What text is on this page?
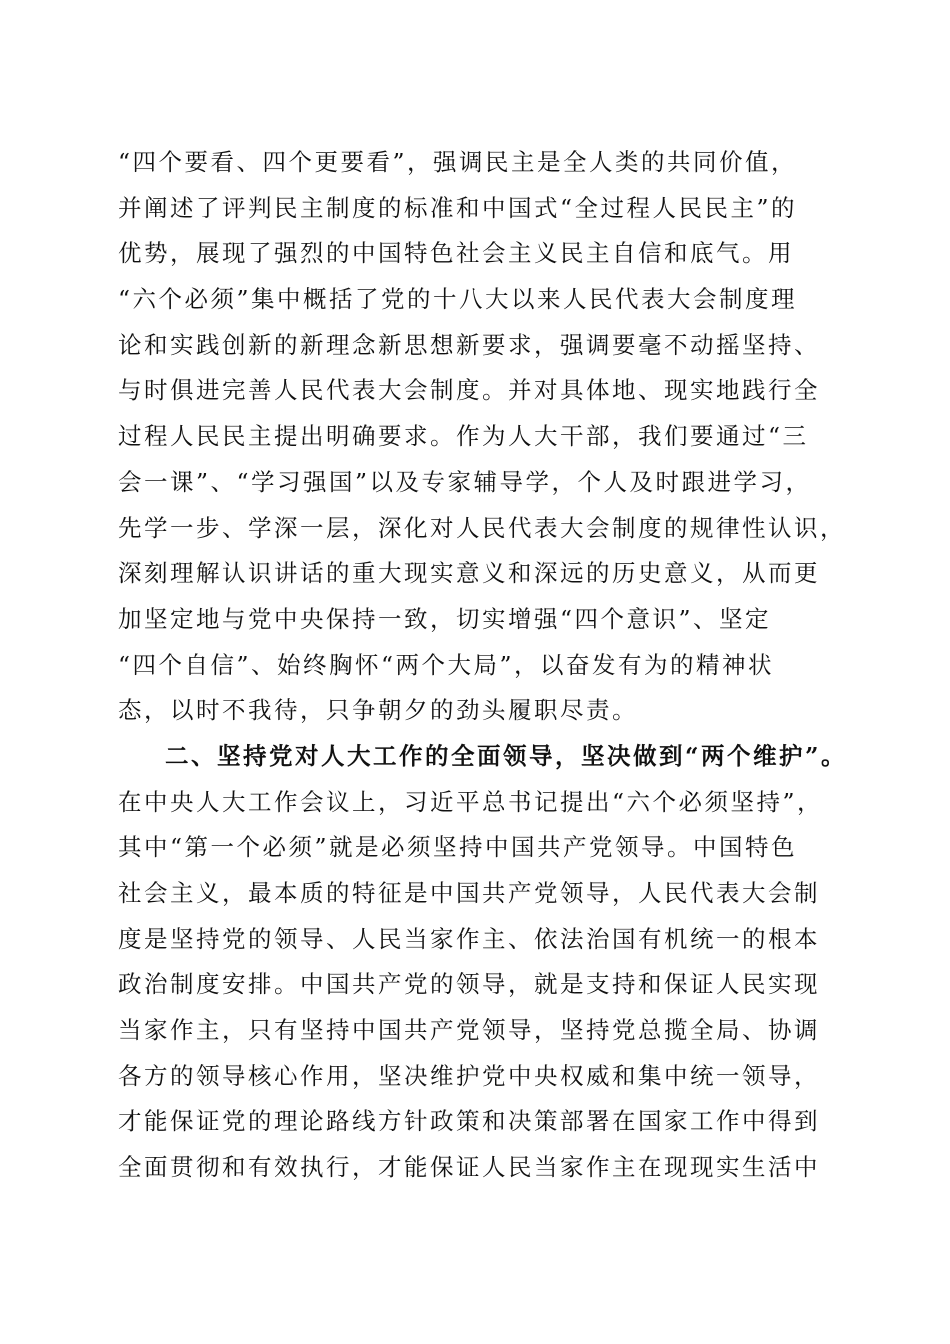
“四个要看、四个更要看”，强调民主是全人类的共同价值，
并阐述了评判民主制度的标准和中国式“全过程人民民主”的
优势，展现了强烈的中国特色社会主义民主自信和底气。用
“六个必须”集中概括了党的十八大以来人民代表大会制度理
论和实践创新的新理念新思想新要求，强调要毫不动摇坚持、
与时俱进完善人民代表大会制度。并对具体地、现实地践行全
过程人民民主提出明确要求。作为人大干部，我们要通过“三
会一课”、“学习强国”以及专家辅导学，个人及时跟进学习，
先学一步、学深一层，深化对人民代表大会制度的规律性认识，
深刻理解认识讲话的重大现实意义和深远的历史意义，从而更
加坚定地与党中央保持一致，切实增强“四个意识”、坚定
“四个自信”、始终胸怀“两个大局”，以奋发有为的精神状
态，以时不我待，只争朝夕的劲头履职尽责。
二、坚持党对人大工作的全面领导，坚决做到“两个维护”。
在中央人大工作会议上，习近平总书记提出“六个必须坚持”，
其中“第一个必须”就是必须坚持中国共产党领导。中国特色
社会主义，最本质的特征是中国共产党领导，人民代表大会制
度是坚持党的领导、人民当家作主、依法治国有机统一的根本
政治制度安排。中国共产党的领导，就是支持和保证人民实现
当家作主，只有坚持中国共产党领导，坚持党总揽全局、协调
各方的领导核心作用，坚决维护党中央权威和集中统一领导，
才能保证党的理论路线方针政策和决策部署在国家工作中得到
全面贯彻和有效执行，才能保证人民当家作主在现现实生活中
